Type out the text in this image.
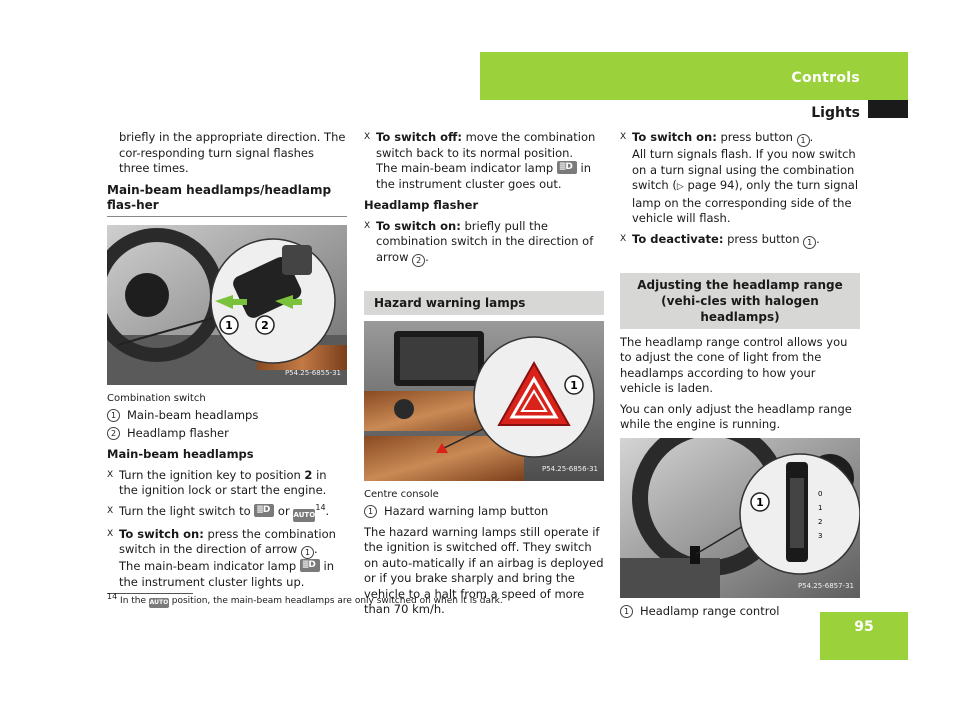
Controls
Lights

briefly in the appropriate direction. The cor-responding turn signal flashes three times.

Main-beam headlamps/headlamp flas-her
1	2
P54.25-6855-31
Combination switch
1 Main-beam headlamps
2 Headlamp flasher
Main-beam headlamps
X Turn the ignition key to position 2 in the ignition lock or start the engine.
X Turn the light switch to ≣D or AUTO$^{14}$.
X To switch on: press the combination switch in the direction of arrow 1 .
The main-beam indicator lamp ≣D in the instrument cluster lights up.
X To switch off: move the combination switch back to its normal position.
The main-beam indicator lamp ≣D in the instrument cluster goes out.
Headlamp flasher
X To switch on: briefly pull the combination switch in the direction of arrow 2 .
Hazard warning lamps
1
P54.25-6856-31
Centre console
1 Hazard warning lamp button

The hazard warning lamps still operate if the ignition is switched off. They switch on auto-matically if an airbag is deployed or if you brake sharply and bring the vehicle to a halt from a speed of more than 70 km/h.

X To switch on: press button 1 .
All turn signals flash. If you now switch on a turn signal using the combination switch (▷ page 94), only the turn signal lamp on the corresponding side of the vehicle will flash.
X To deactivate: press button 1 .
Adjusting the headlamp range (vehi-cles with halogen headlamps)

The headlamp range control allows you to adjust the cone of light from the headlamps according to how your vehicle is laden.

You can only adjust the headlamp range while the engine is running.

0
1
2
3
1
P54.25-6857-31
1 Headlamp range control
14 In the AUTO position, the main-beam headlamps are only switched on when it is dark.
95
